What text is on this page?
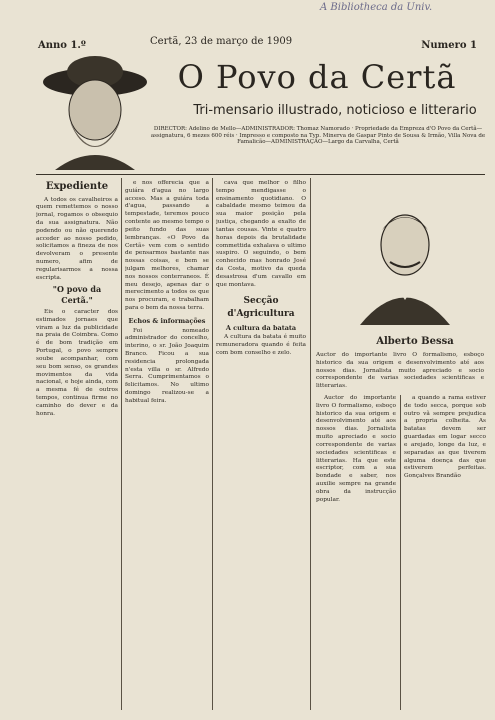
A Bibliotheca da Univ.
Anno 1.º	Certã, 23 de março de 1909	Numero 1
O Povo da Certã
Tri-mensario illustrado, noticioso e litterario
DIRECTOR: Adelino de Mello—ADMINISTRADOR: Thomaz Namorado · Propriedade da Empreza d'O Povo da Certã—assignatura, 6 mezes 600 réis · Impresso e composto na Typ. Minerva de Gaspar Pinto de Sousa & Irmão, Villa Nova de Famalicão—ADMINISTRAÇÃO—Largo da Carvalha, Certã
Expediente

A todos os cavalheiros a quem remettemos o nosso jornal, rogamos o obsequio da sua assignatura. Não podendo ou não querendo acceder ao nosso pedido, solicitamos a fineza de nos devolveram o presente numero, afim de regularisarmos a nossa escripta.

"O povo da Certã."

Eis o caracter dos estimados jornaes que viram a luz da publicidade na praia de Coimbra. Como é de bom tradição em Portugal, o povo sempre soube acompanhar, com seu bom senso, os grandes movimentos da vida nacional, e hoje ainda, com a mesma fé de outros tempos, continua firme no caminho do dever e da honra.

e nos offerecia que a guiára d'agua no largo acceso. Mas a guiára toda d'agua, passando a tempestade, teremos pouco contente ao mesmo tempo o peito fundo das suas lembranças. «O Povo da Certã» vem com o sentido de pensarmos bastante nas nossas coisas, e bem se julgam melhores, chamar nos nossos conterraneos. É meu desejo, apenas dar o merecimento a todos os que nos procuram, e trabalham para o bem da nossa terra.

Echos & informações

Foi nomeado administrador do concelho, interino, o sr. João Joaquim Branco. Ficou a sua residencia prolongada n'esta villa o sr. Alfredo Serra. Cumprimentamos o felicitamos. No ultimo domingo realizou-se a habitual feira.

cava que melhor o filho tempo mendigasse o ensinamento quotidiano. O cabaldade mesmo teimou da sua maior posição pela justiça, chegando a exalto de tantas cousas. Vinte e quatro horas depois da brutalidade commettida exhalava o ultimo suspiro. O seguindo, o bem conhecido mas honrado José da Costa, motivo da queda desastrosa d'um cavallo em que montava.

Secção d'Agricultura
A cultura da batata

A cultura da batata é muito remuneradora quando é feita com bom conselho e zelo.

Alberto Bessa
Auctor do importante livro O formalismo, esboço historico da sua origem e desenvolvimento até aos nossos dias. Jornalista muito apreciado e socio correspondente de varias sociedades scientificas e litterarias.

Auctor do importante livro O formalismo, esboço historico da sua origem e desenvolvimento até aos nossos dias. Jornalista muito apreciado e socio correspondente de varias sociedades scientificas e litterarias. Ha que este escriptor, com a sua bondade e saber, nos auxilie sempre na grande obra da instrucção popular.

a quando a rama estiver de todo secca, porque sob outro vã sempre prejudica a propria colheita. As batatas devem ser guardadas em logar secco e arejado, longe da luz, e separadas as que tiverem alguma doença das que estiverem perfeitas. Gonçalves Brandão
